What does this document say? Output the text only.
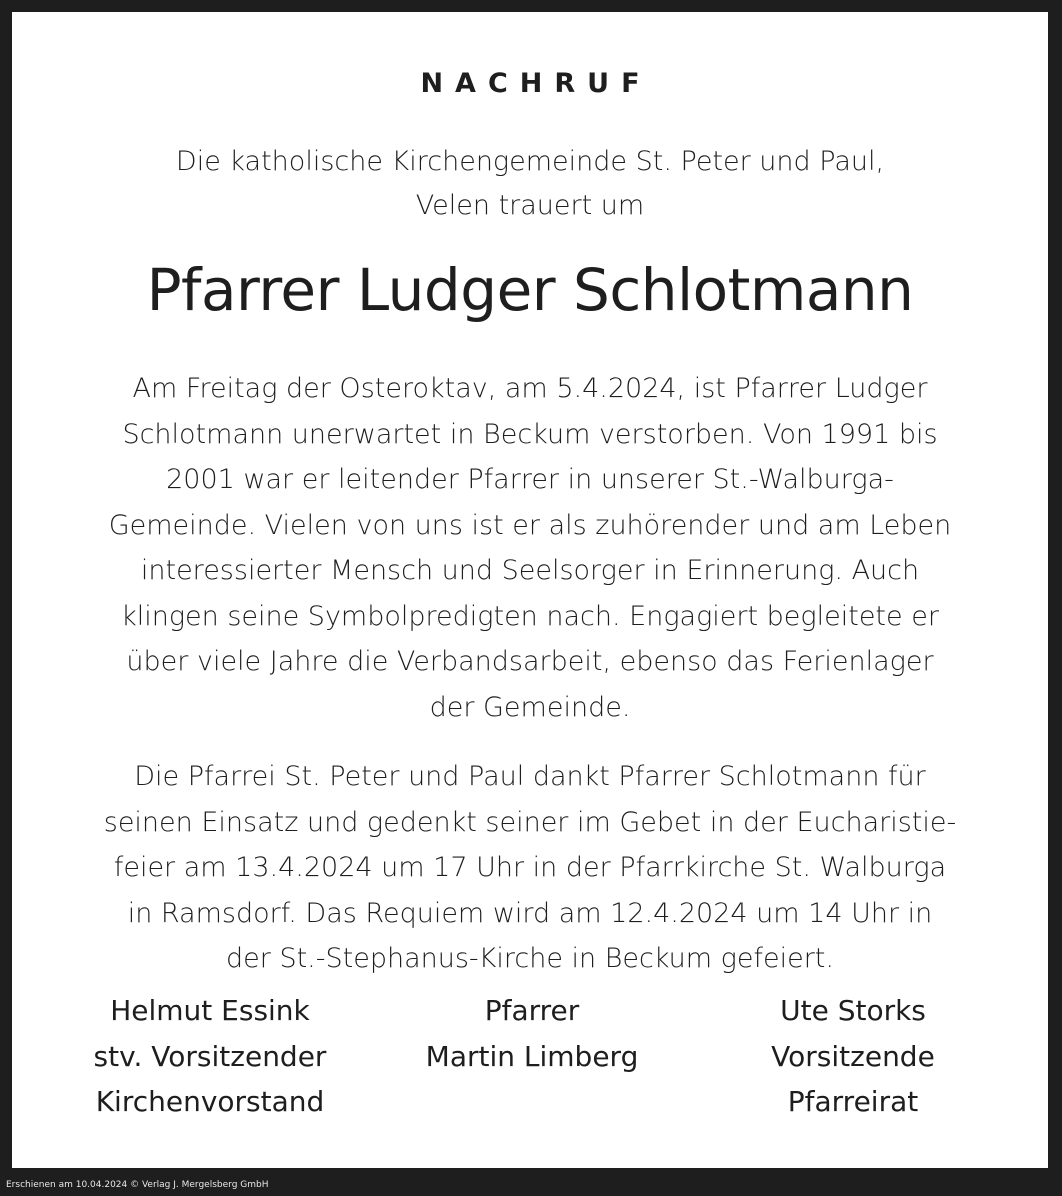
NACHRUF
Die katholische Kirchengemeinde St. Peter und Paul,
Velen trauert um
Pfarrer Ludger Schlotmann
Am Freitag der Osteroktav, am 5.4.2024, ist Pfarrer Ludger
Schlotmann unerwartet in Beckum verstorben. Von 1991 bis
2001 war er leitender Pfarrer in unserer St.-Walburga-
Gemeinde. Vielen von uns ist er als zuhörender und am Leben
interessierter Mensch und Seelsorger in Erinnerung. Auch
klingen seine Symbolpredigten nach. Engagiert begleitete er
über viele Jahre die Verbandsarbeit, ebenso das Ferienlager
der Gemeinde.
Die Pfarrei St. Peter und Paul dankt Pfarrer Schlotmann für
seinen Einsatz und gedenkt seiner im Gebet in der Eucharistie-
feier am 13.4.2024 um 17 Uhr in der Pfarrkirche St. Walburga
in Ramsdorf. Das Requiem wird am 12.4.2024 um 14 Uhr in
der St.-Stephanus-Kirche in Beckum gefeiert.
Helmut Essink
stv. Vorsitzender
Kirchenvorstand
Pfarrer
Martin Limberg
Ute Storks
Vorsitzende
Pfarreirat
Erschienen am 10.04.2024 © Verlag J. Mergelsberg GmbH
